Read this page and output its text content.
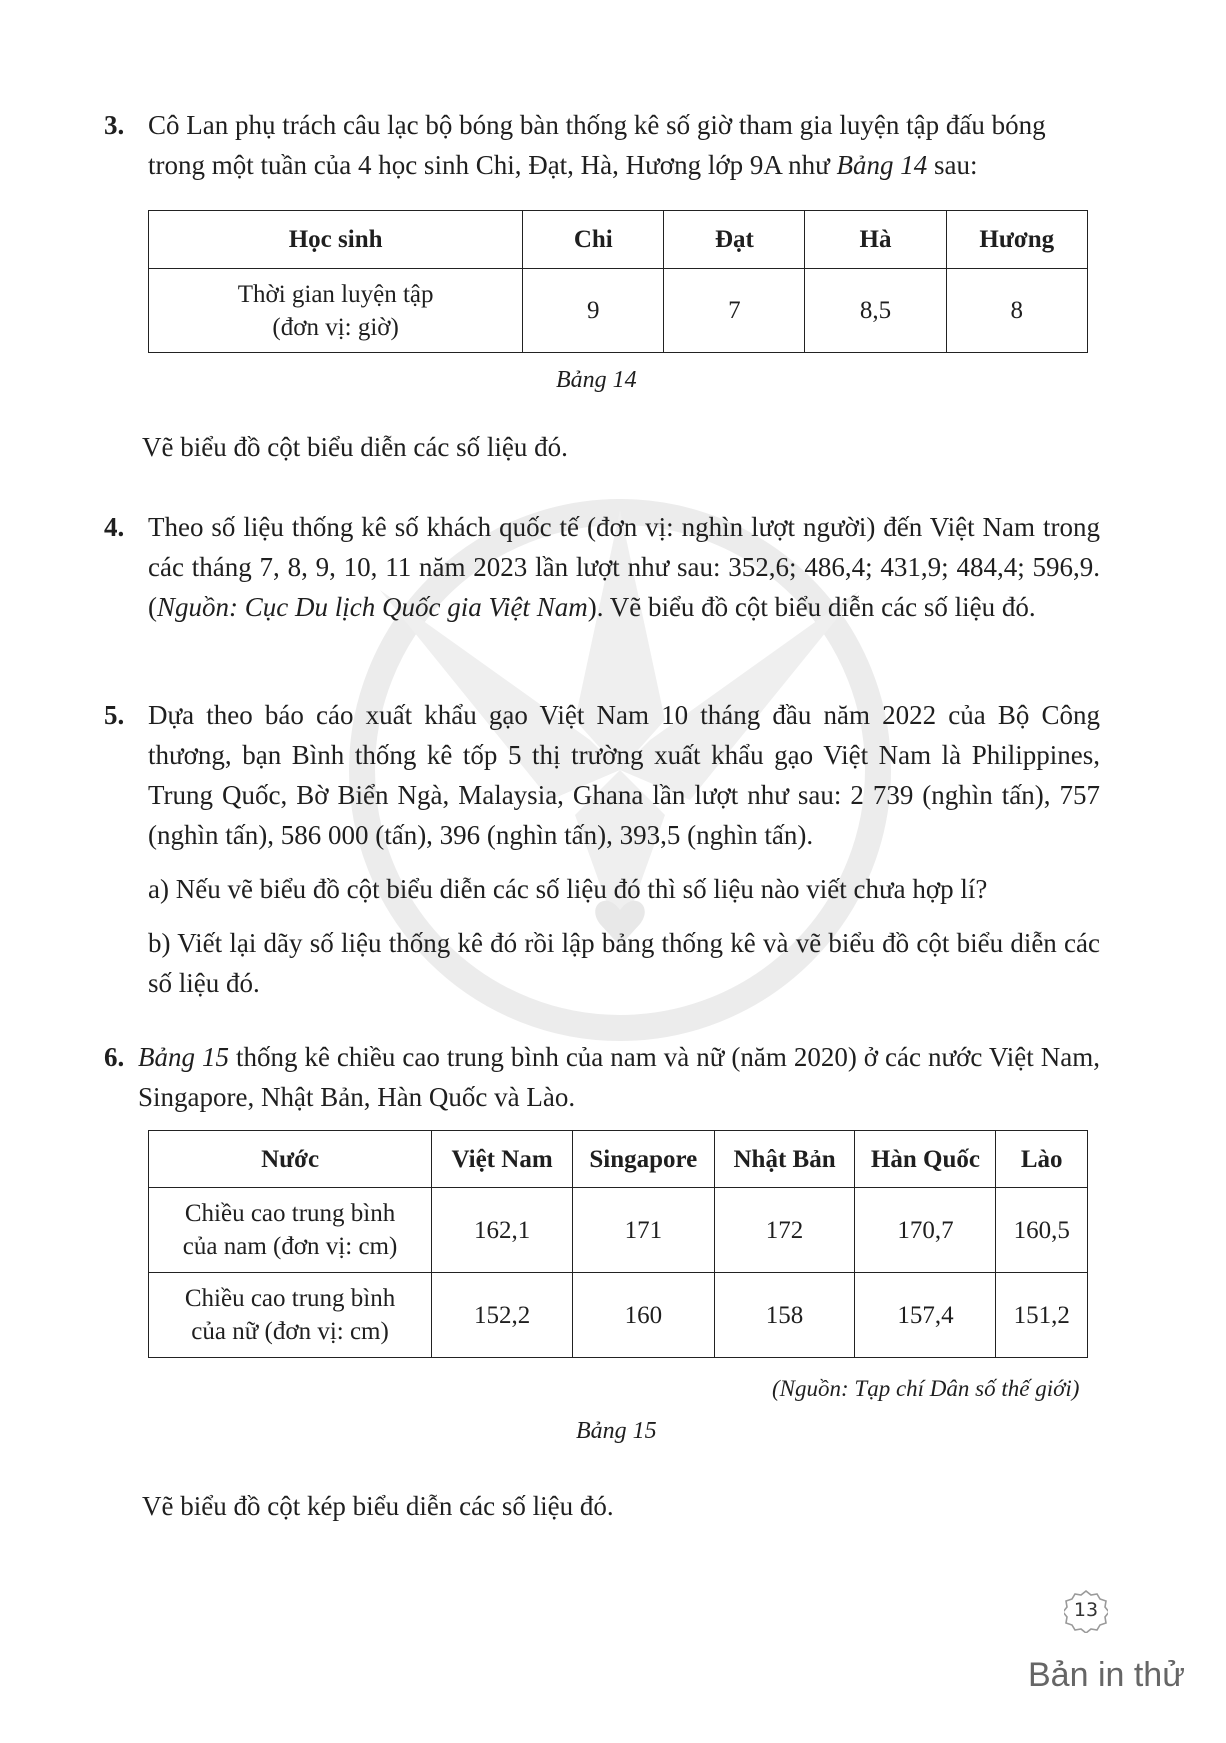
3. Cô Lan phụ trách câu lạc bộ bóng bàn thống kê số giờ tham gia luyện tập đấu bóng

trong một tuần của 4 học sinh Chi, Đạt, Hà, Hương lớp 9A như Bảng 14 sau:

Học sinh	Chi	Đạt	Hà	Hương
Thời gian luyện tập
(đơn vị: giờ)	9	7	8,5	8
Bảng 14
Vẽ biểu đồ cột biểu diễn các số liệu đó.
4. Theo số liệu thống kê số khách quốc tế (đơn vị: nghìn lượt người) đến Việt Nam trong các tháng 7, 8, 9, 10, 11 năm 2023 lần lượt như sau: 352,6; 486,4; 431,9; 484,4; 596,9. (Nguồn: Cục Du lịch Quốc gia Việt Nam). Vẽ biểu đồ cột biểu diễn các số liệu đó.

5. Dựa theo báo cáo xuất khẩu gạo Việt Nam 10 tháng đầu năm 2022 của Bộ Công thương, bạn Bình thống kê tốp 5 thị trường xuất khẩu gạo Việt Nam là Philippines, Trung Quốc, Bờ Biển Ngà, Malaysia, Ghana lần lượt như sau: 2 739 (nghìn tấn), 757 (nghìn tấn), 586 000 (tấn), 396 (nghìn tấn), 393,5 (nghìn tấn).

a) Nếu vẽ biểu đồ cột biểu diễn các số liệu đó thì số liệu nào viết chưa hợp lí?

b) Viết lại dãy số liệu thống kê đó rồi lập bảng thống kê và vẽ biểu đồ cột biểu diễn các số liệu đó.

6. Bảng 15 thống kê chiều cao trung bình của nam và nữ (năm 2020) ở các nước Việt Nam, Singapore, Nhật Bản, Hàn Quốc và Lào.

Nước	Việt Nam	Singapore	Nhật Bản	Hàn Quốc	Lào
Chiều cao trung bình
của nam (đơn vị: cm)	162,1	171	172	170,7	160,5
Chiều cao trung bình
của nữ (đơn vị: cm)	152,2	160	158	157,4	151,2
(Nguồn: Tạp chí Dân số thế giới)
Bảng 15
Vẽ biểu đồ cột kép biểu diễn các số liệu đó.
13
Bản in thử
